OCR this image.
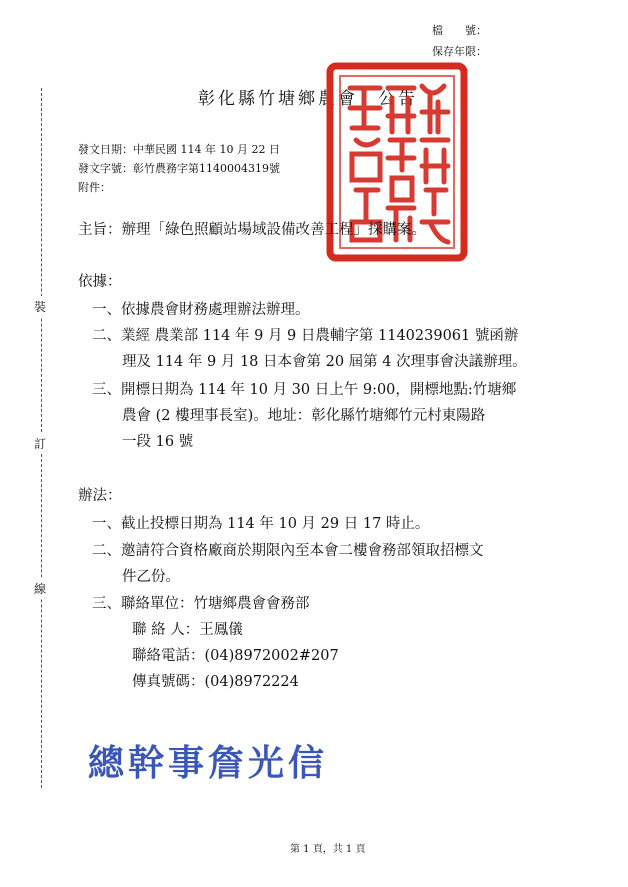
檔　　號：
保存年限：
裝
訂
線
彰化縣竹塘鄉農會　公告
發文日期：中華民國 114 年 10 月 22 日
發文字號：彰竹農務字第1140004319號
附件：
主旨：辦理「綠色照顧站場域設備改善工程」採購案。
依據：
一、依據農會財務處理辦法辦理。
二、業經 農業部 114 年 9 月 9 日農輔字第 1140239061 號函辦
理及 114 年 9 月 18 日本會第 20 屆第 4 次理事會決議辦理。
三、開標日期為 114 年 10 月 30 日上午 9:00，開標地點:竹塘鄉
農會 (2 樓理事長室)。地址：彰化縣竹塘鄉竹元村東陽路
一段 16 號
辦法：
一、截止投標日期為 114 年 10 月 29 日 17 時止。
二、邀請符合資格廠商於期限內至本會二樓會務部領取招標文
件乙份。
三、聯絡單位：竹塘鄉農會會務部
聯 絡 人：王鳳儀
聯絡電話：(04)8972002#207
傳真號碼：(04)8972224
總幹事詹光信
第 1 頁，共 1 頁
